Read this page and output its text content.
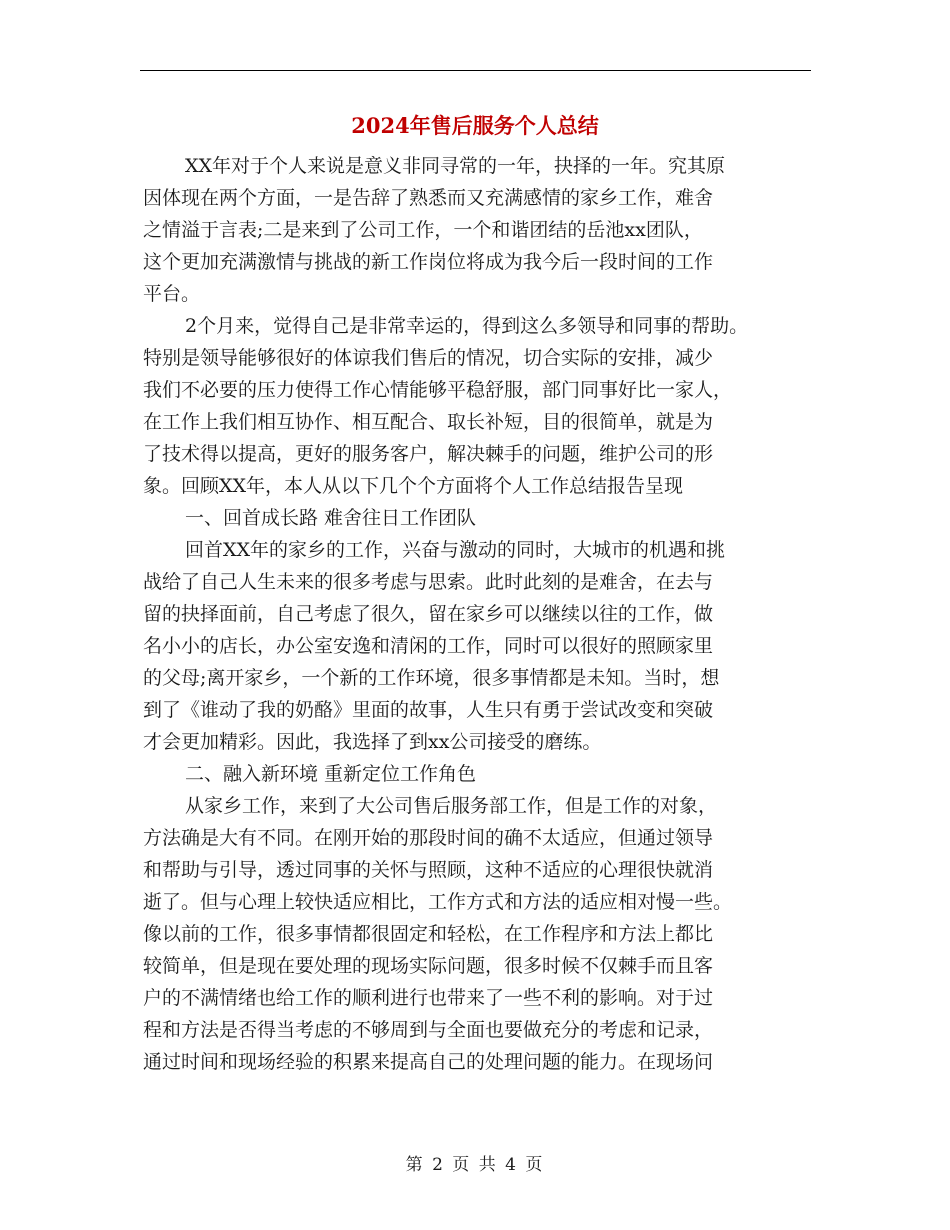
2024年售后服务个人总结

XX年对于个人来说是意义非同寻常的一年，抉择的一年。究其原

因体现在两个方面，一是告辞了熟悉而又充满感情的家乡工作，难舍

之情溢于言表;二是来到了公司工作，一个和谐团结的岳池xx团队，

这个更加充满激情与挑战的新工作岗位将成为我今后一段时间的工作

平台。

2个月来，觉得自己是非常幸运的，得到这么多领导和同事的帮助。

特别是领导能够很好的体谅我们售后的情况，切合实际的安排，减少

我们不必要的压力使得工作心情能够平稳舒服，部门同事好比一家人，

在工作上我们相互协作、相互配合、取长补短，目的很简单，就是为

了技术得以提高，更好的服务客户，解决棘手的问题，维护公司的形

象。回顾XX年，本人从以下几个个方面将个人工作总结报告呈现

一、回首成长路 难舍往日工作团队

回首XX年的家乡的工作，兴奋与激动的同时，大城市的机遇和挑

战给了自己人生未来的很多考虑与思索。此时此刻的是难舍，在去与

留的抉择面前，自己考虑了很久，留在家乡可以继续以往的工作，做

名小小的店长，办公室安逸和清闲的工作，同时可以很好的照顾家里

的父母;离开家乡，一个新的工作环境，很多事情都是未知。当时，想

到了《谁动了我的奶酪》里面的故事，人生只有勇于尝试改变和突破

才会更加精彩。因此，我选择了到xx公司接受的磨练。

二、融入新环境 重新定位工作角色

从家乡工作，来到了大公司售后服务部工作，但是工作的对象，

方法确是大有不同。在刚开始的那段时间的确不太适应，但通过领导

和帮助与引导，透过同事的关怀与照顾，这种不适应的心理很快就消

逝了。但与心理上较快适应相比，工作方式和方法的适应相对慢一些。

像以前的工作，很多事情都很固定和轻松，在工作程序和方法上都比

较简单，但是现在要处理的现场实际问题，很多时候不仅棘手而且客

户的不满情绪也给工作的顺利进行也带来了一些不利的影响。对于过

程和方法是否得当考虑的不够周到与全面也要做充分的考虑和记录，

通过时间和现场经验的积累来提高自己的处理问题的能力。在现场问

第 2 页 共 4 页
